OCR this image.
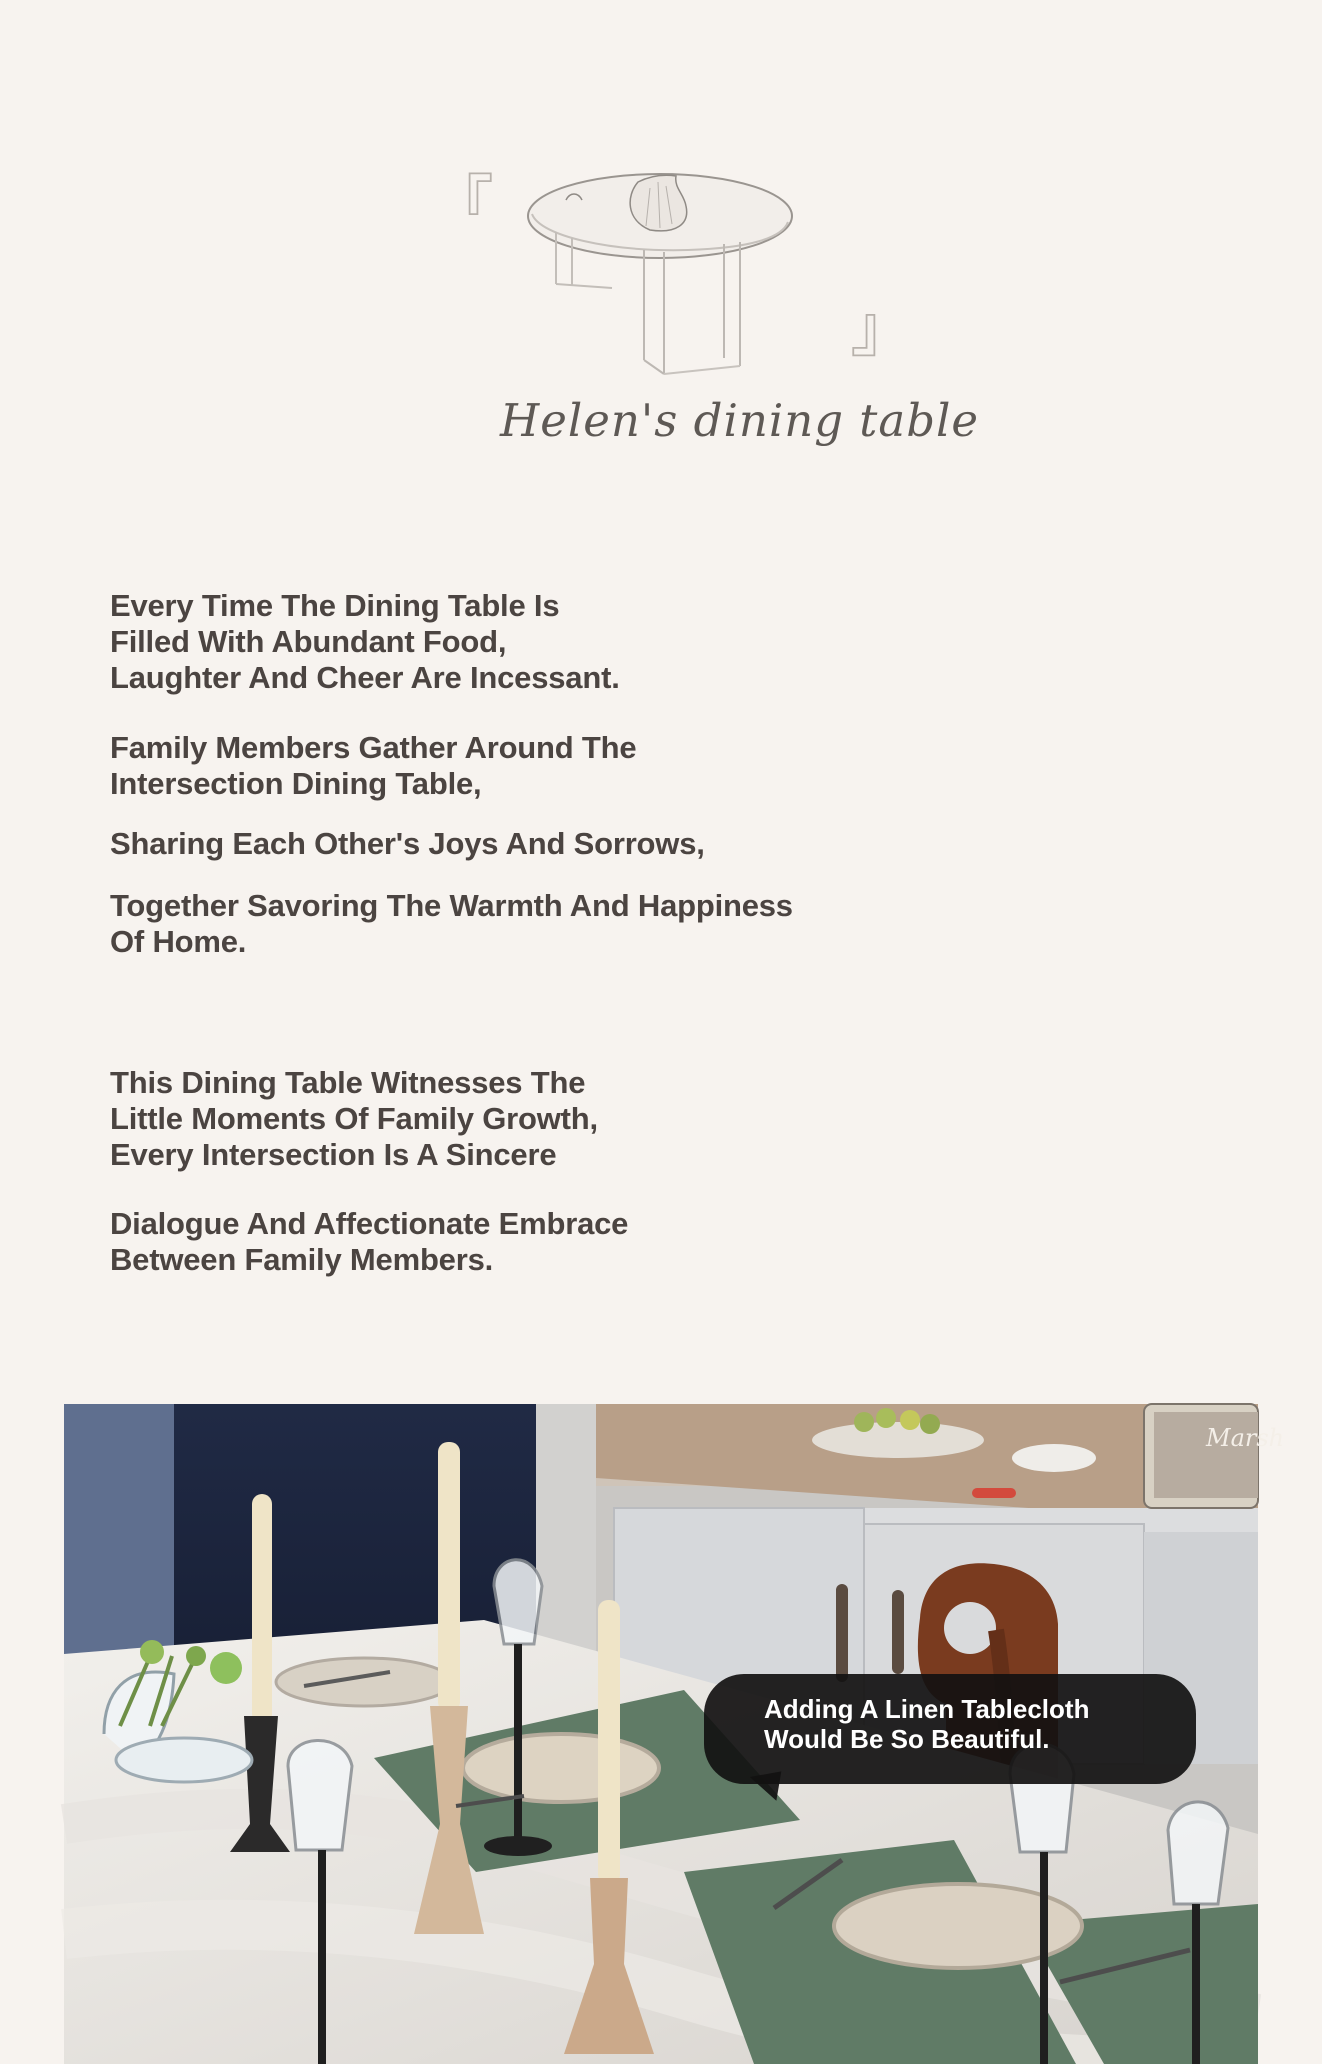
『
』
Helen's dining table

Every Time The Dining Table Is

Filled With Abundant Food,

Laughter And Cheer Are Incessant.

Family Members Gather Around The

Intersection Dining Table,

Sharing Each Other's Joys And Sorrows,

Together Savoring The Warmth And Happiness

Of Home.

This Dining Table Witnesses The

Little Moments Of Family Growth,

Every Intersection Is A Sincere

Dialogue And Affectionate Embrace

Between Family Members.

Marsh
Adding A Linen Tablecloth
Would Be So Beautiful.
